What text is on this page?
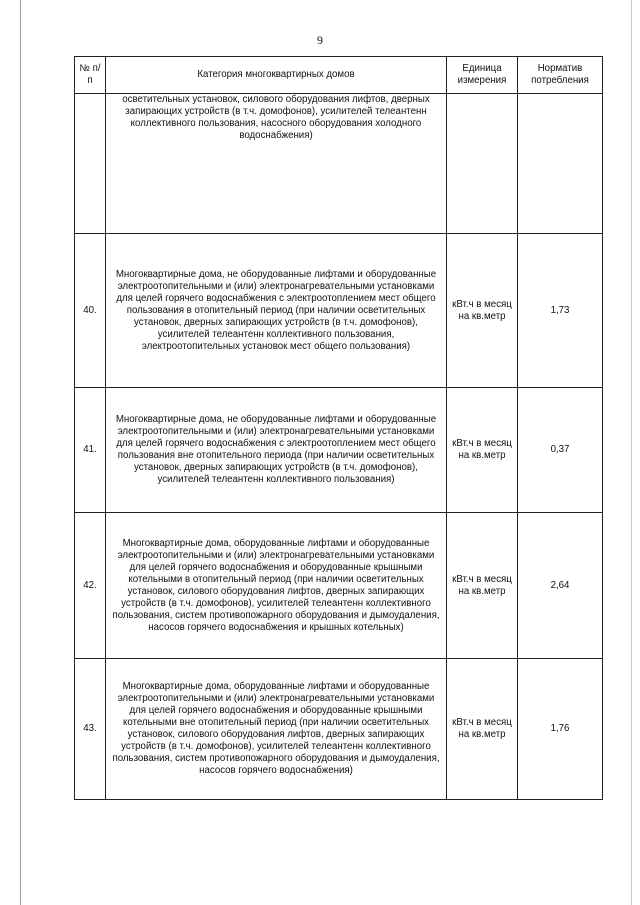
9
№ п/п	Категория многоквартирных домов	Единица измерения	Норматив потребления

	осветительных установок, силового оборудования лифтов, дверных запирающих устройств (в т.ч. домофонов), усилителей телеантенн коллективного пользования, насосного оборудования холодного водоснабжения)		

40.	Многоквартирные дома, не оборудованные лифтами и оборудованные электроотопительными и (или) электронагревательными установками для целей горячего водоснабжения с электроотоплением мест общего пользования в отопительный период (при наличии осветительных установок, дверных запирающих устройств (в т.ч. домофонов), усилителей телеантенн коллективного пользования, электроотопительных установок мест общего пользования)	кВт.ч в месяц на кв.метр	1,73
41.	Многоквартирные дома, не оборудованные лифтами и оборудованные электроотопительными и (или) электронагревательными установками для целей горячего водоснабжения с электроотоплением мест общего пользования вне отопительного периода (при наличии осветительных установок, дверных запирающих устройств (в т.ч. домофонов), усилителей телеантенн коллективного пользования)	кВт.ч в месяц на кв.метр	0,37
42.	Многоквартирные дома, оборудованные лифтами и оборудованные электроотопительными и (или) электронагревательными установками для целей горячего водоснабжения и оборудованные крышными котельными в отопительный период (при наличии осветительных установок, силового оборудования лифтов, дверных запирающих устройств (в т.ч. домофонов), усилителей телеантенн коллективного пользования, систем противопожарного оборудования и дымоудаления, насосов горячего водоснабжения и крышных котельных)	кВт.ч в месяц на кв.метр	2,64
43.	Многоквартирные дома, оборудованные лифтами и оборудованные электроотопительными и (или) электронагревательными установками для целей горячего водоснабжения и оборудованные крышными котельными вне отопительный период (при наличии осветительных установок, силового оборудования лифтов, дверных запирающих устройств (в т.ч. домофонов), усилителей телеантенн коллективного пользования, систем противопожарного оборудования и дымоудаления, насосов горячего водоснабжения)	кВт.ч в месяц на кв.метр	1,76
